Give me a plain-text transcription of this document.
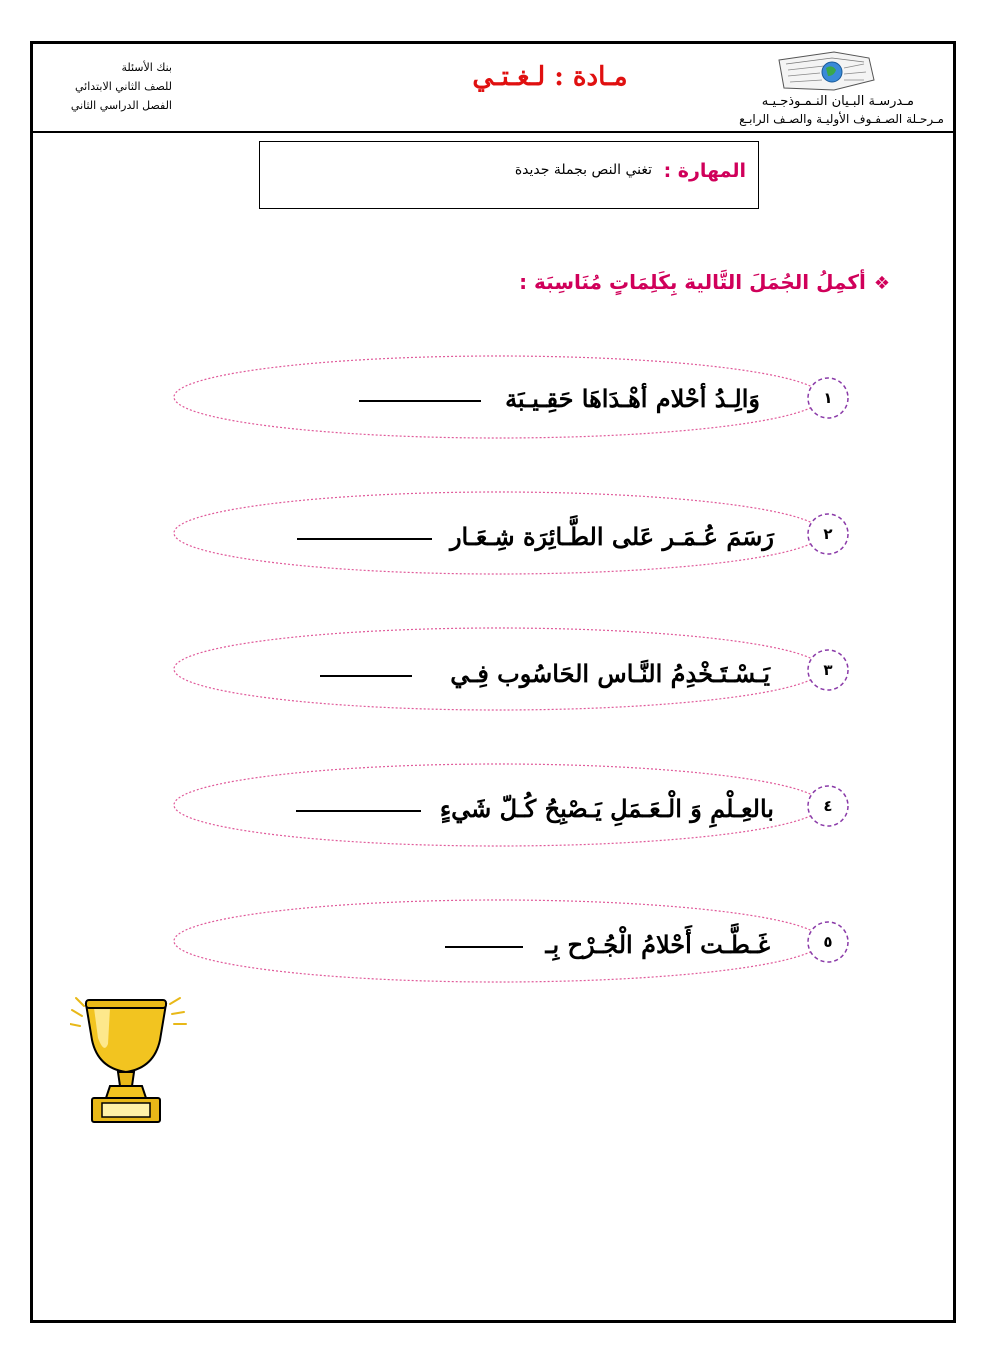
مـدرسـة البـيان النـمـوذجـيـه
مـرحـلة الصـفـوف الأوليـة والصـف الرابـع
مـادة : لـغـتـي
بنك الأسئلة
للصف الثاني الابتدائي
الفصل الدراسي الثاني
المهارة :
تغني النص بجملة جديدة
❖أكمِلُ الجُمَلَ التَّالية بِكَلِمَاتٍ مُنَاسِبَة :
وَالِـدُ أحْلام أهْـدَاهَا حَقِـيـبَة
رَسَمَ عُـمَـر عَلى الطَّـائِرَة شِـعَـار
يَـسْـتَـخْدِمُ النَّـاس الحَاسُوب فِـي
بالعِـلْمِ وَ الْـعَـمَلِ يَـصْبِحُ كُـلّ شَيءٍ
غَـطَّـت أَحْلامُ الْجُـرْح بِـ
١
٢
٣
٤
٥
